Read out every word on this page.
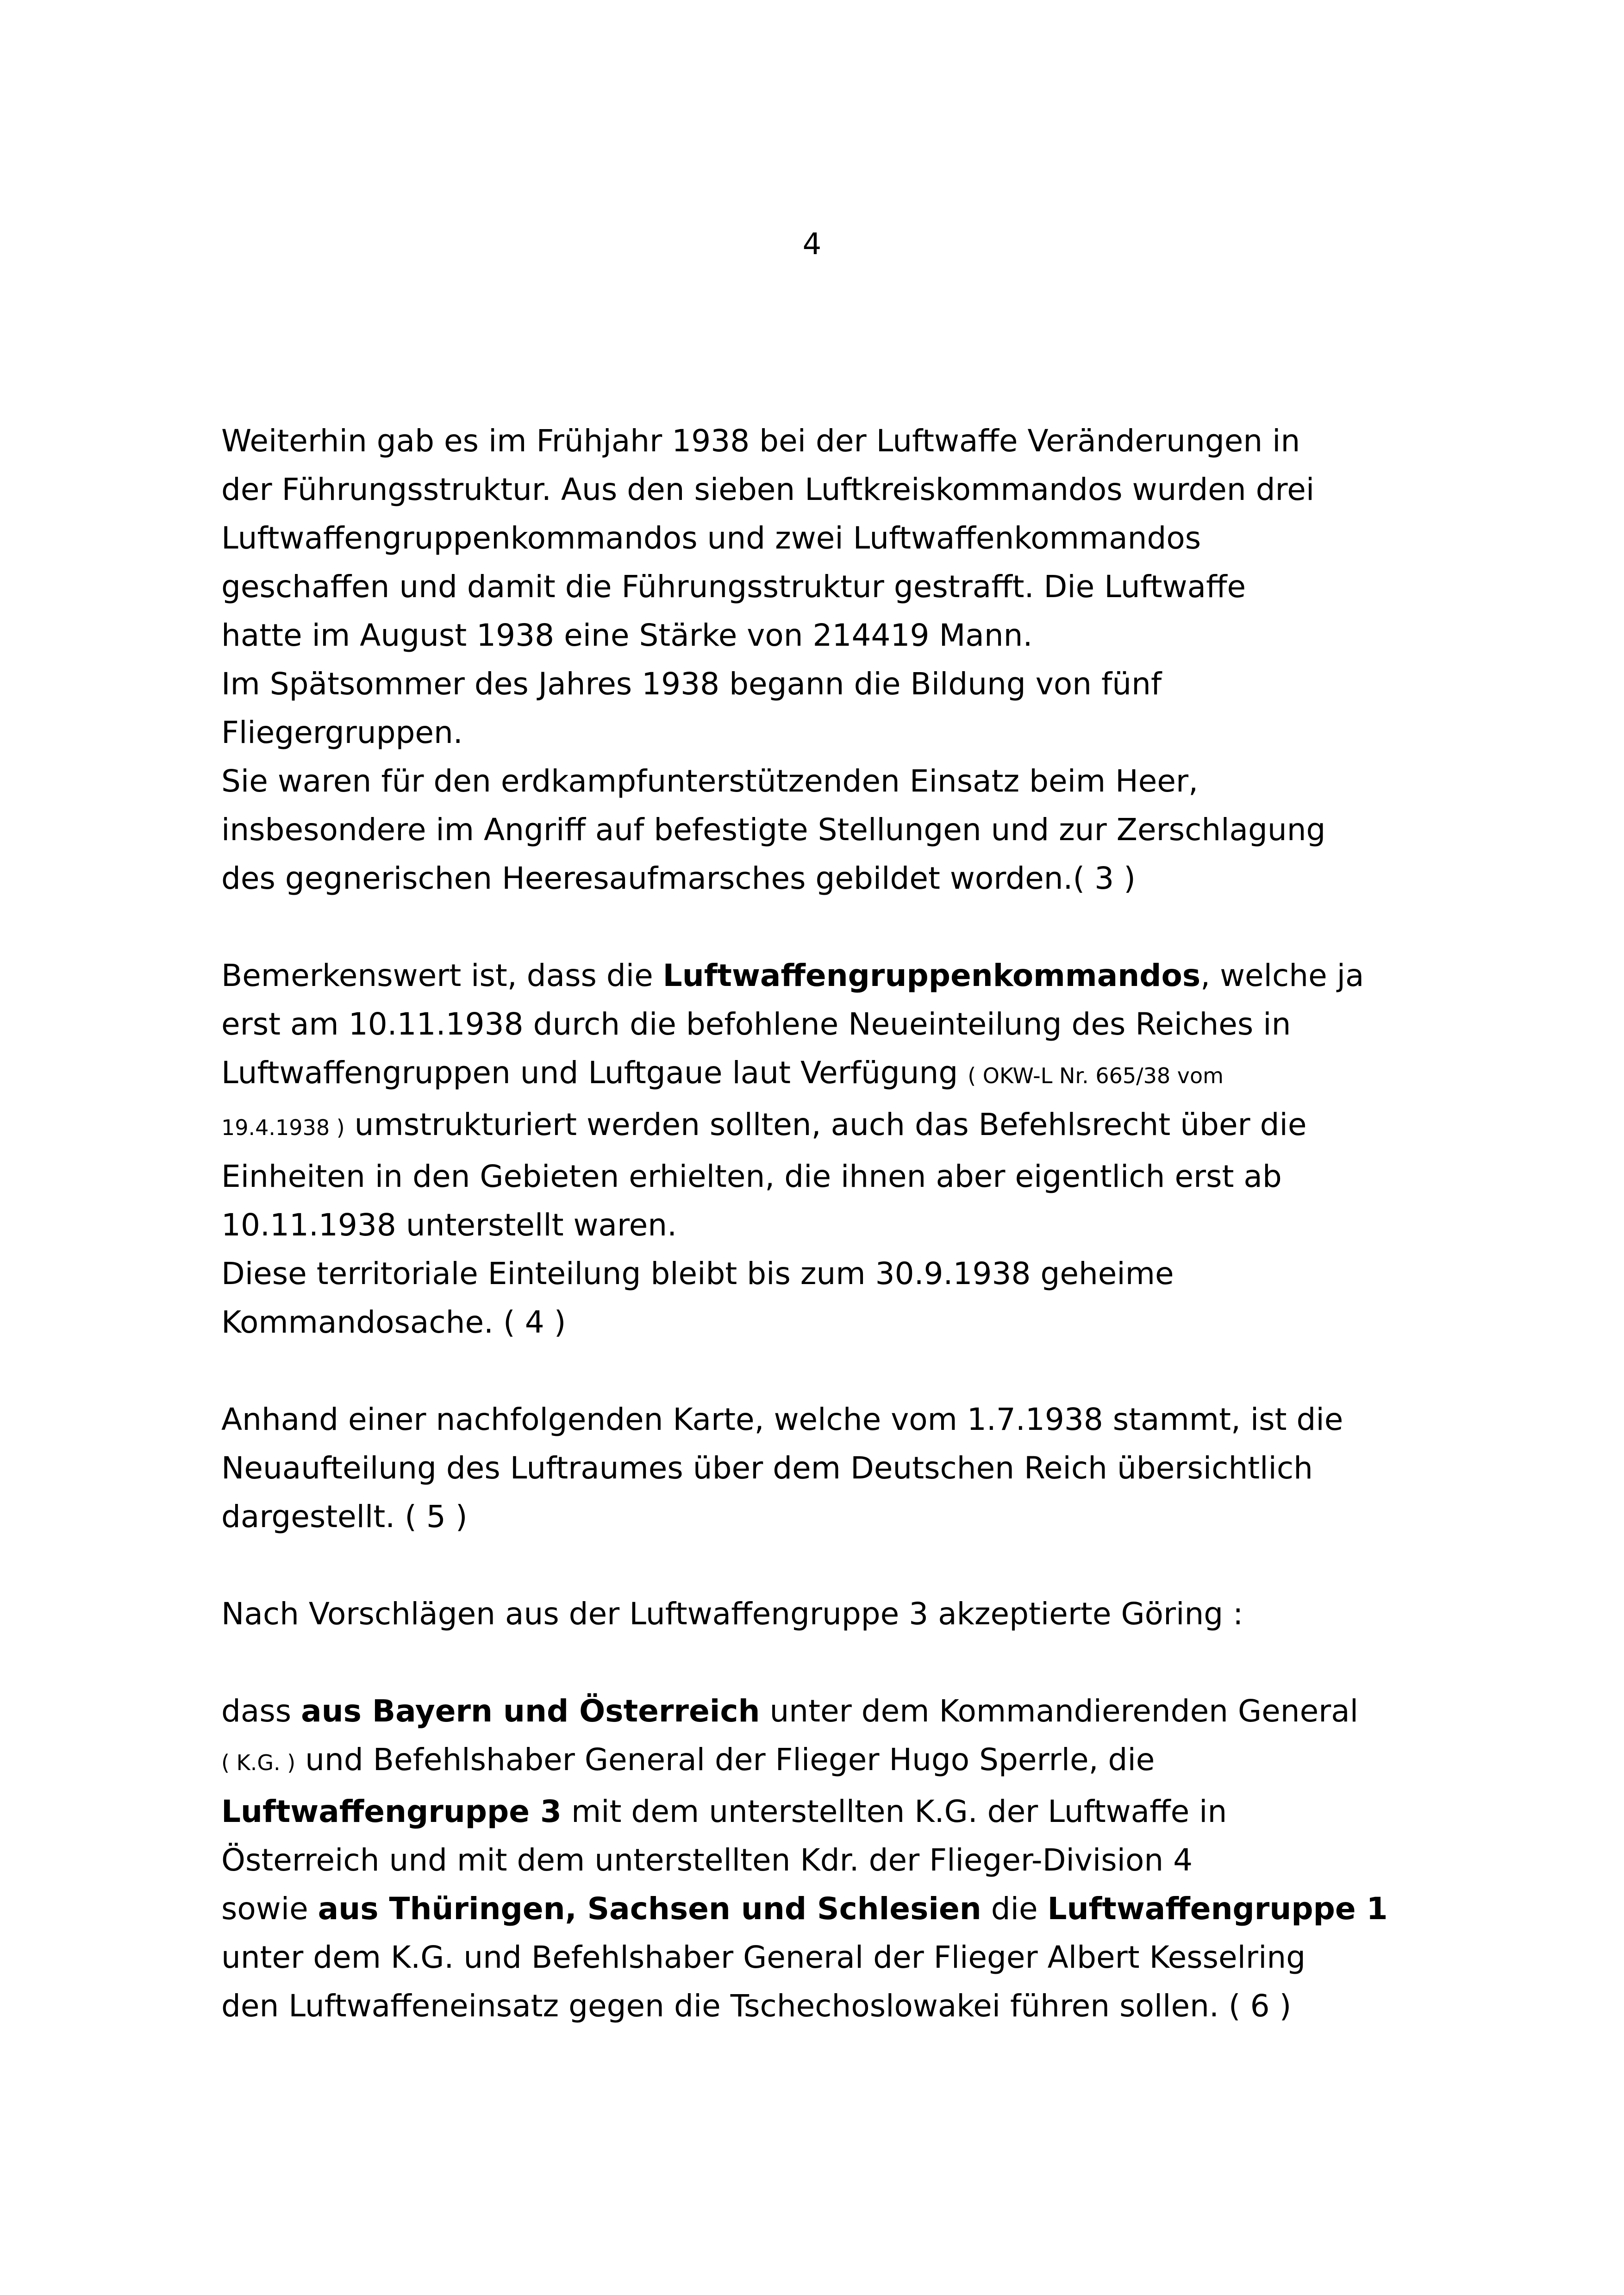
4
Weiterhin gab es im Frühjahr 1938 bei der Luftwaffe Veränderungen in
der Führungsstruktur. Aus den sieben Luftkreiskommandos wurden drei
Luftwaffengruppenkommandos und zwei Luftwaffenkommandos
geschaffen und damit die Führungsstruktur gestrafft. Die Luftwaffe
hatte im August 1938 eine Stärke von 214419 Mann.
Im Spätsommer des Jahres 1938 begann die Bildung von fünf
Fliegergruppen.
Sie waren für den erdkampfunterstützenden Einsatz beim Heer,
insbesondere im Angriff auf befestigte Stellungen und zur Zerschlagung
des gegnerischen Heeresaufmarsches gebildet worden.( 3 )
Bemerkenswert ist, dass die Luftwaffengruppenkommandos, welche ja
erst am 10.11.1938 durch die befohlene Neueinteilung des Reiches in
Luftwaffengruppen und Luftgaue laut Verfügung ( OKW-L Nr. 665/38 vom
19.4.1938 ) umstrukturiert werden sollten, auch das Befehlsrecht über die
Einheiten in den Gebieten erhielten, die ihnen aber eigentlich erst ab
10.11.1938 unterstellt waren.
Diese territoriale Einteilung bleibt bis zum 30.9.1938 geheime
Kommandosache. ( 4 )
Anhand einer nachfolgenden Karte, welche vom 1.7.1938 stammt, ist die
Neuaufteilung des Luftraumes über dem Deutschen Reich übersichtlich
dargestellt. ( 5 )
Nach Vorschlägen aus der Luftwaffengruppe 3 akzeptierte Göring :
dass aus Bayern und Österreich unter dem Kommandierenden General
( K.G. ) und Befehlshaber General der Flieger Hugo Sperrle, die
Luftwaffengruppe 3 mit dem unterstellten K.G. der Luftwaffe in
Österreich und mit dem unterstellten Kdr. der Flieger-Division 4
sowie aus Thüringen, Sachsen und Schlesien die Luftwaffengruppe 1
unter dem K.G. und Befehlshaber General der Flieger Albert Kesselring
den Luftwaffeneinsatz gegen die Tschechoslowakei führen sollen. ( 6 )
